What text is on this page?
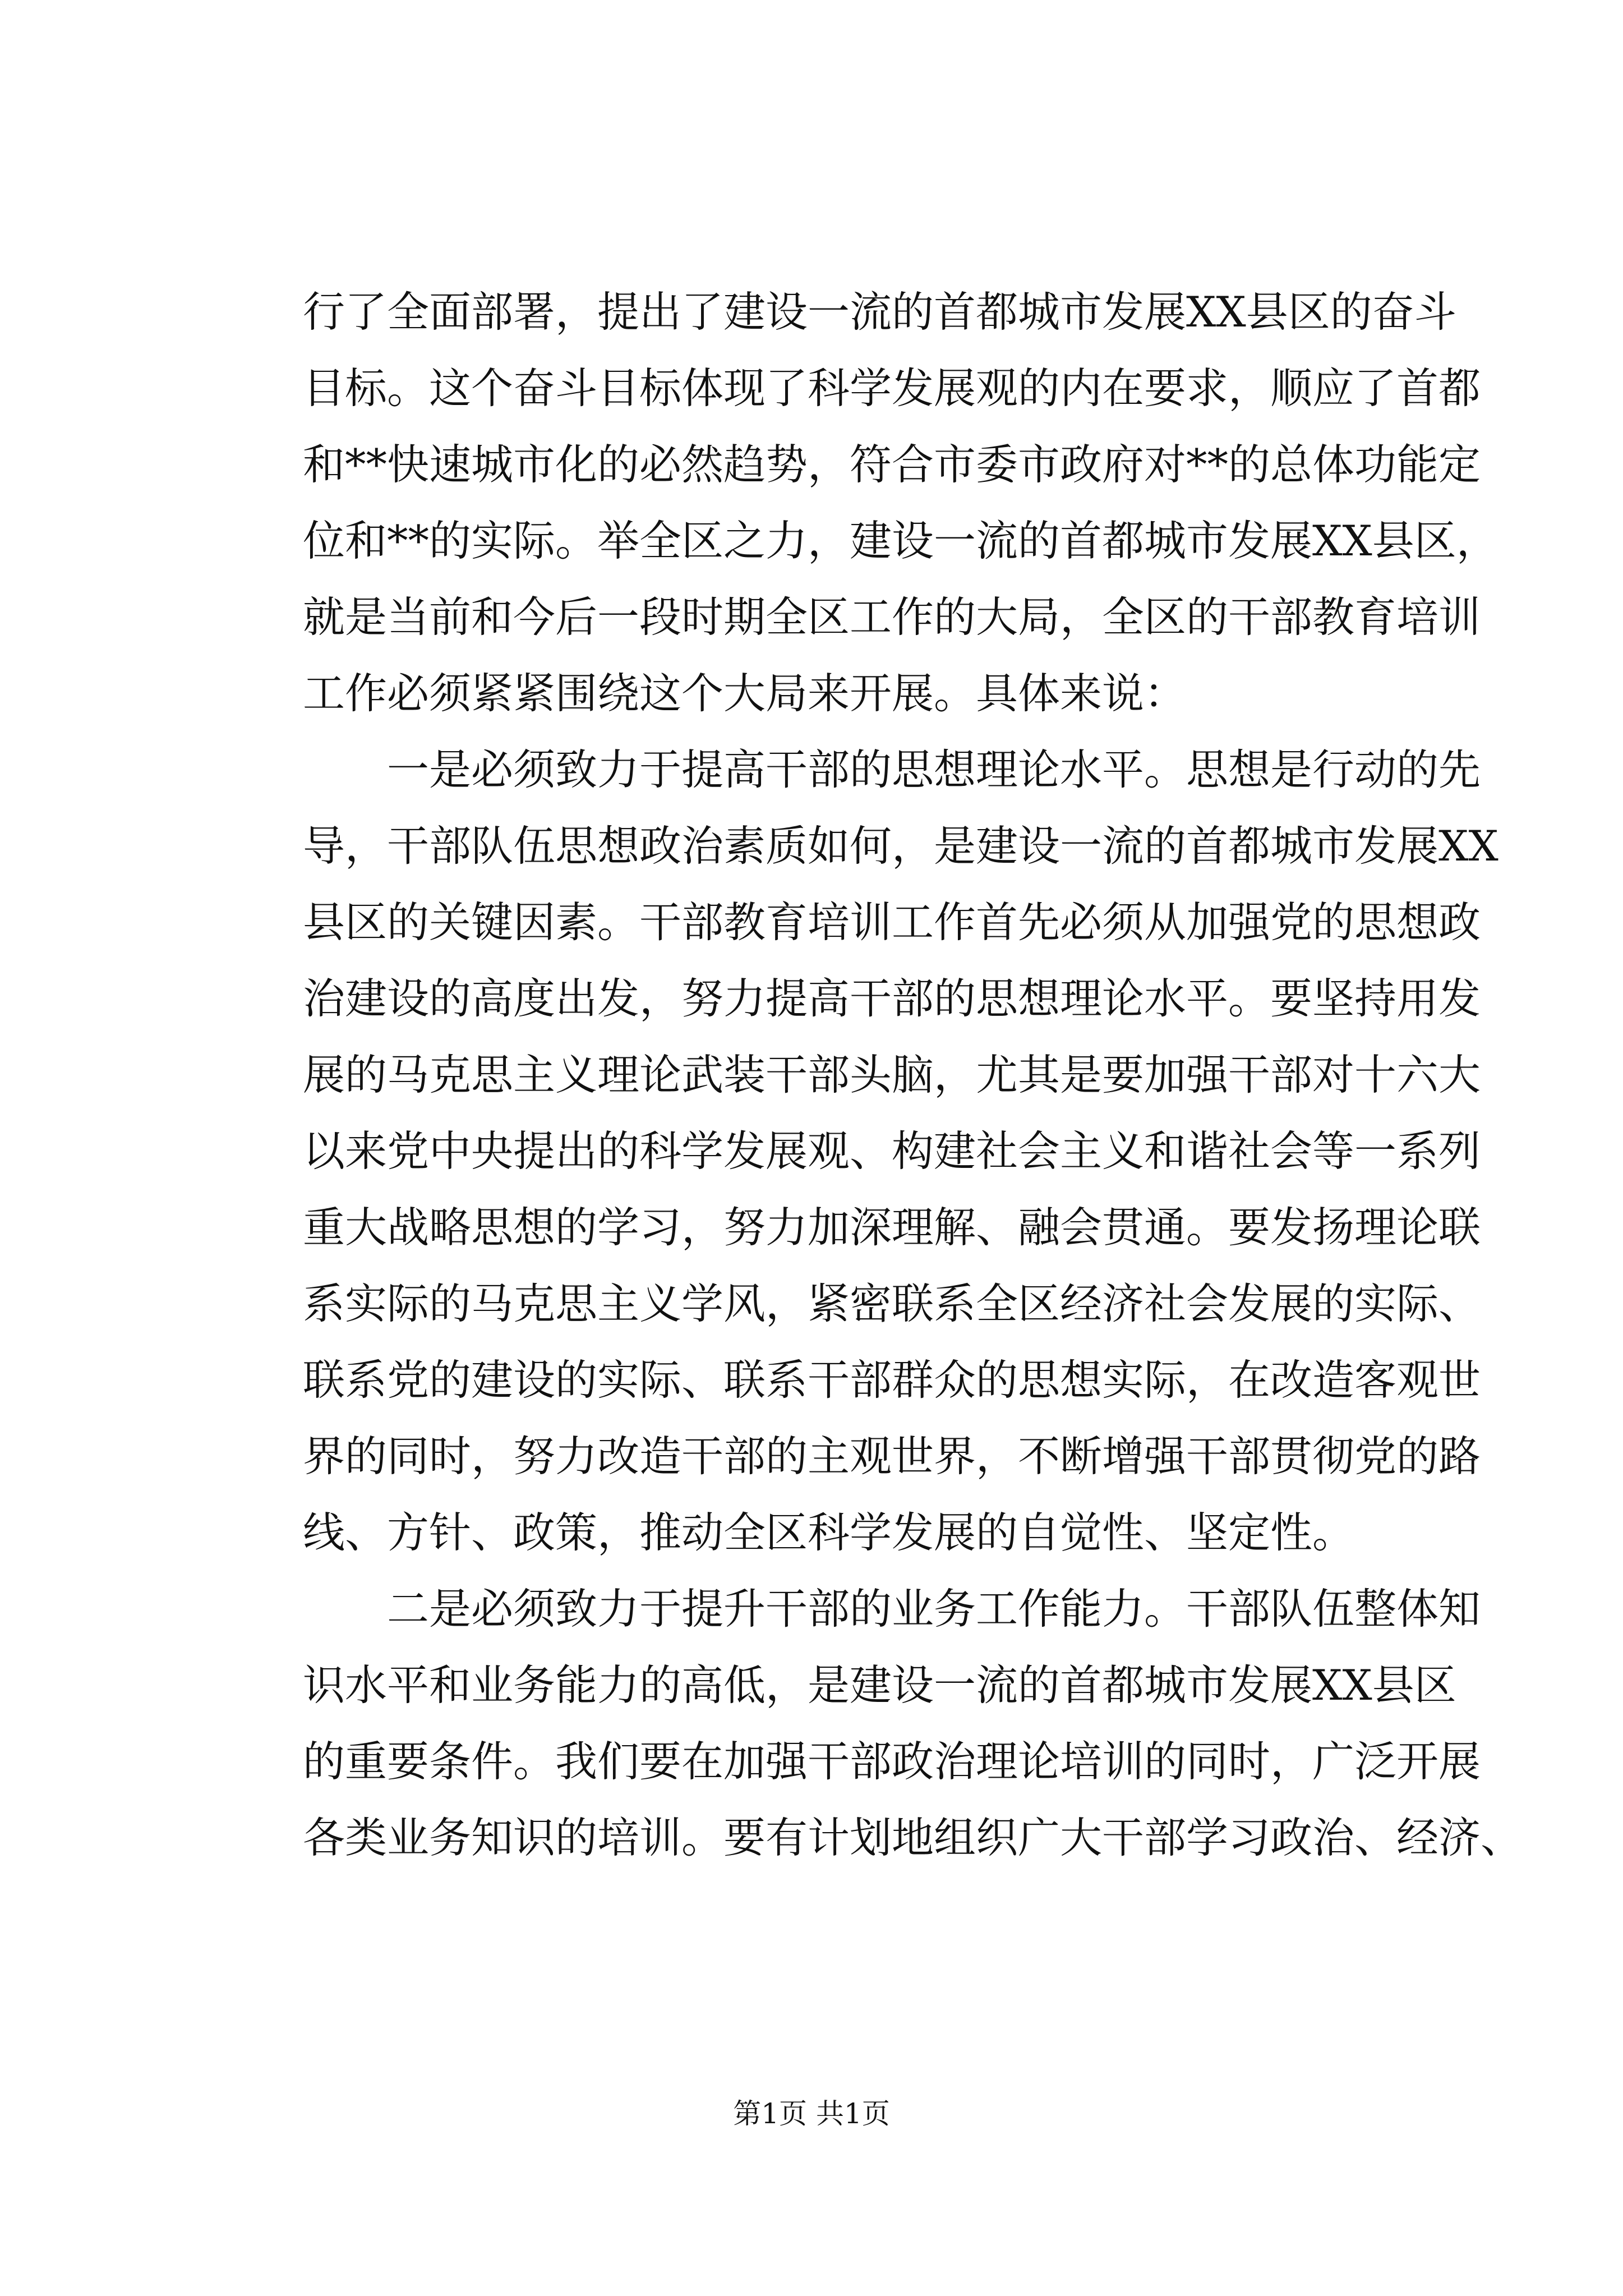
行了全面部署，提出了建设一流的首都城市发展XX县区的奋斗
目标。这个奋斗目标体现了科学发展观的内在要求，顺应了首都
和**快速城市化的必然趋势，符合市委市政府对**的总体功能定
位和**的实际。举全区之力，建设一流的首都城市发展XX县区，
就是当前和今后一段时期全区工作的大局，全区的干部教育培训
工作必须紧紧围绕这个大局来开展。具体来说：
一是必须致力于提高干部的思想理论水平。思想是行动的先
导，干部队伍思想政治素质如何，是建设一流的首都城市发展XX
县区的关键因素。干部教育培训工作首先必须从加强党的思想政
治建设的高度出发，努力提高干部的思想理论水平。要坚持用发
展的马克思主义理论武装干部头脑，尤其是要加强干部对十六大
以来党中央提出的科学发展观、构建社会主义和谐社会等一系列
重大战略思想的学习，努力加深理解、融会贯通。要发扬理论联
系实际的马克思主义学风，紧密联系全区经济社会发展的实际、
联系党的建设的实际、联系干部群众的思想实际，在改造客观世
界的同时，努力改造干部的主观世界，不断增强干部贯彻党的路
线、方针、政策，推动全区科学发展的自觉性、坚定性。
二是必须致力于提升干部的业务工作能力。干部队伍整体知
识水平和业务能力的高低，是建设一流的首都城市发展XX县区
的重要条件。我们要在加强干部政治理论培训的同时，广泛开展
各类业务知识的培训。要有计划地组织广大干部学习政治、经济、
第1页 共1页
